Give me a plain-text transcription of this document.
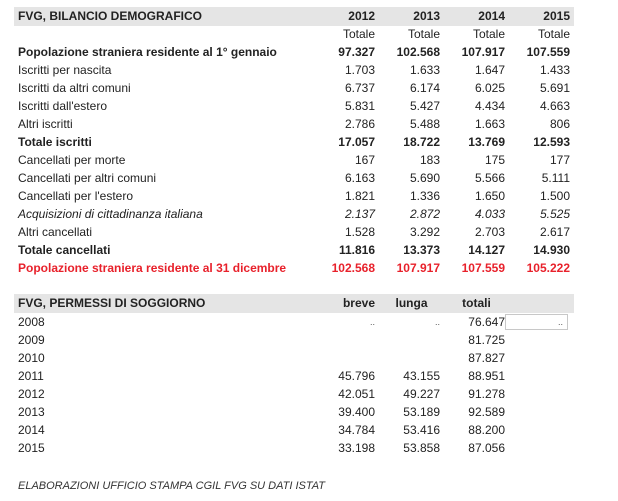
FVG, BILANCIO DEMOGRAFICO	2012	2013	2014	2015
	Totale	Totale	Totale	Totale
Popolazione straniera residente al 1° gennaio	97.327	102.568	107.917	107.559
Iscritti per nascita	1.703	1.633	1.647	1.433
Iscritti da altri comuni	6.737	6.174	6.025	5.691
Iscritti dall'estero	5.831	5.427	4.434	4.663
Altri iscritti	2.786	5.488	1.663	806
Totale iscritti	17.057	18.722	13.769	12.593
Cancellati per morte	167	183	175	177
Cancellati per altri comuni	6.163	5.690	5.566	5.111
Cancellati per l'estero	1.821	1.336	1.650	1.500
Acquisizioni di cittadinanza italiana	2.137	2.872	4.033	5.525
Altri cancellati	1.528	3.292	2.703	2.617
Totale cancellati	11.816	13.373	14.127	14.930
Popolazione straniera residente al 31 dicembre	102.568	107.917	107.559	105.222
FVG, PERMESSI DI SOGGIORNO	breve	lunga	totali	
2008	..	..	76.647	
2009			81.725	
2010			87.827	
2011	45.796	43.155	88.951	
2012	42.051	49.227	91.278	
2013	39.400	53.189	92.589	
2014	34.784	53.416	88.200	
2015	33.198	53.858	87.056	
..
ELABORAZIONI UFFICIO STAMPA CGIL FVG SU DATI ISTAT
